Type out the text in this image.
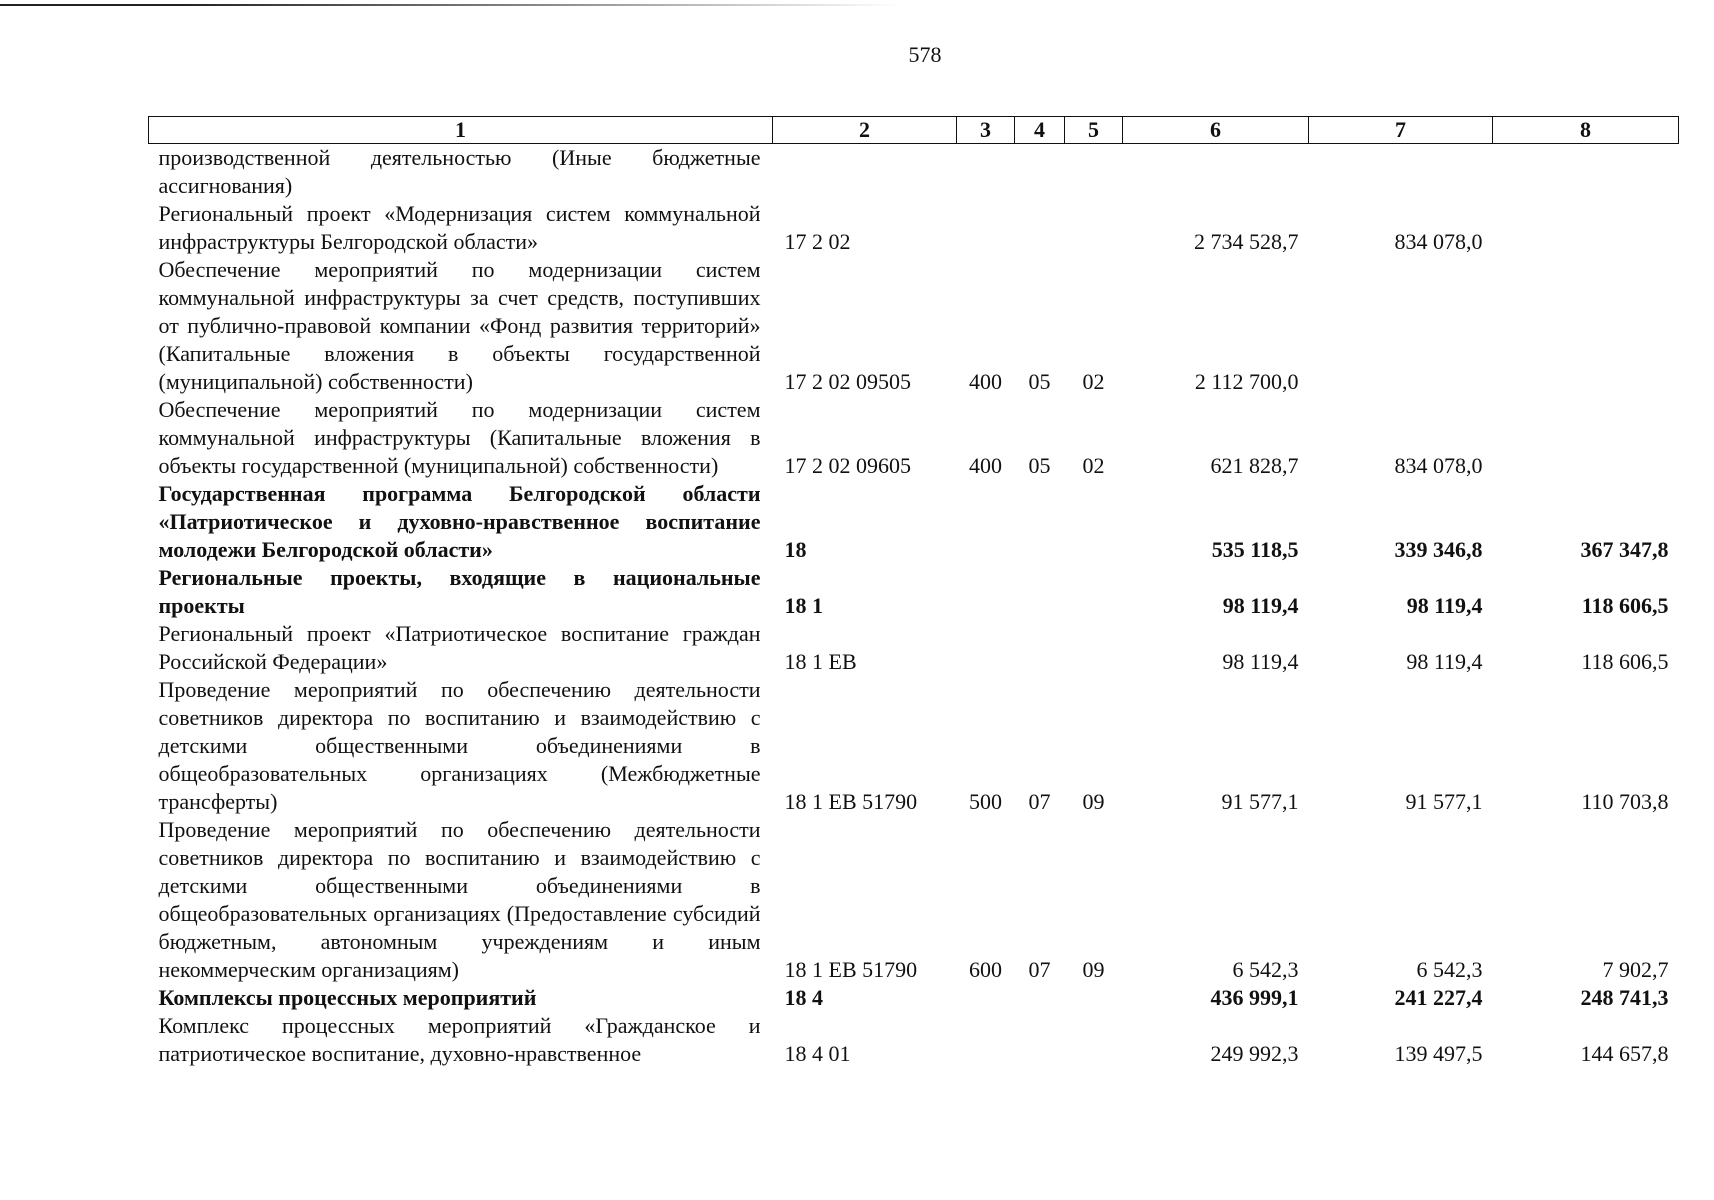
578
1	2	3	4	5	6	7	8
производственной деятельностью (Иные бюджетные ассигнования)							
Региональный проект «Модернизация систем коммунальной инфраструктуры Белгородской области»	17 2 02				2 734 528,7	834 078,0	
Обеспечение мероприятий по модернизации систем коммунальной инфраструктуры за счет средств, поступивших от публично-правовой компании «Фонд развития территорий» (Капитальные вложения в объекты государственной (муниципальной) собственности)	17 2 02 09505	400	05	02	2 112 700,0		
Обеспечение мероприятий по модернизации систем коммунальной инфраструктуры (Капитальные вложения в объекты государственной (муниципальной) собственности)	17 2 02 09605	400	05	02	621 828,7	834 078,0	
Государственная программа Белгородской области «Патриотическое и духовно-нравственное воспитание молодежи Белгородской области»	18				535 118,5	339 346,8	367 347,8
Региональные проекты, входящие в национальные проекты	18 1				98 119,4	98 119,4	118 606,5
Региональный проект «Патриотическое воспитание граждан Российской Федерации»	18 1 ЕВ				98 119,4	98 119,4	118 606,5
Проведение мероприятий по обеспечению деятельности советников директора по воспитанию и взаимодействию с детскими общественными объединениями в общеобразовательных организациях (Межбюджетные трансферты)	18 1 ЕВ 51790	500	07	09	91 577,1	91 577,1	110 703,8
Проведение мероприятий по обеспечению деятельности советников директора по воспитанию и взаимодействию с детскими общественными объединениями в общеобразовательных организациях (Предоставление субсидий бюджетным, автономным учреждениям и иным некоммерческим организациям)	18 1 ЕВ 51790	600	07	09	6 542,3	6 542,3	7 902,7
Комплексы процессных мероприятий	18 4				436 999,1	241 227,4	248 741,3
Комплекс процессных мероприятий «Гражданское и патриотическое воспитание, духовно-нравственное	18 4 01				249 992,3	139 497,5	144 657,8
